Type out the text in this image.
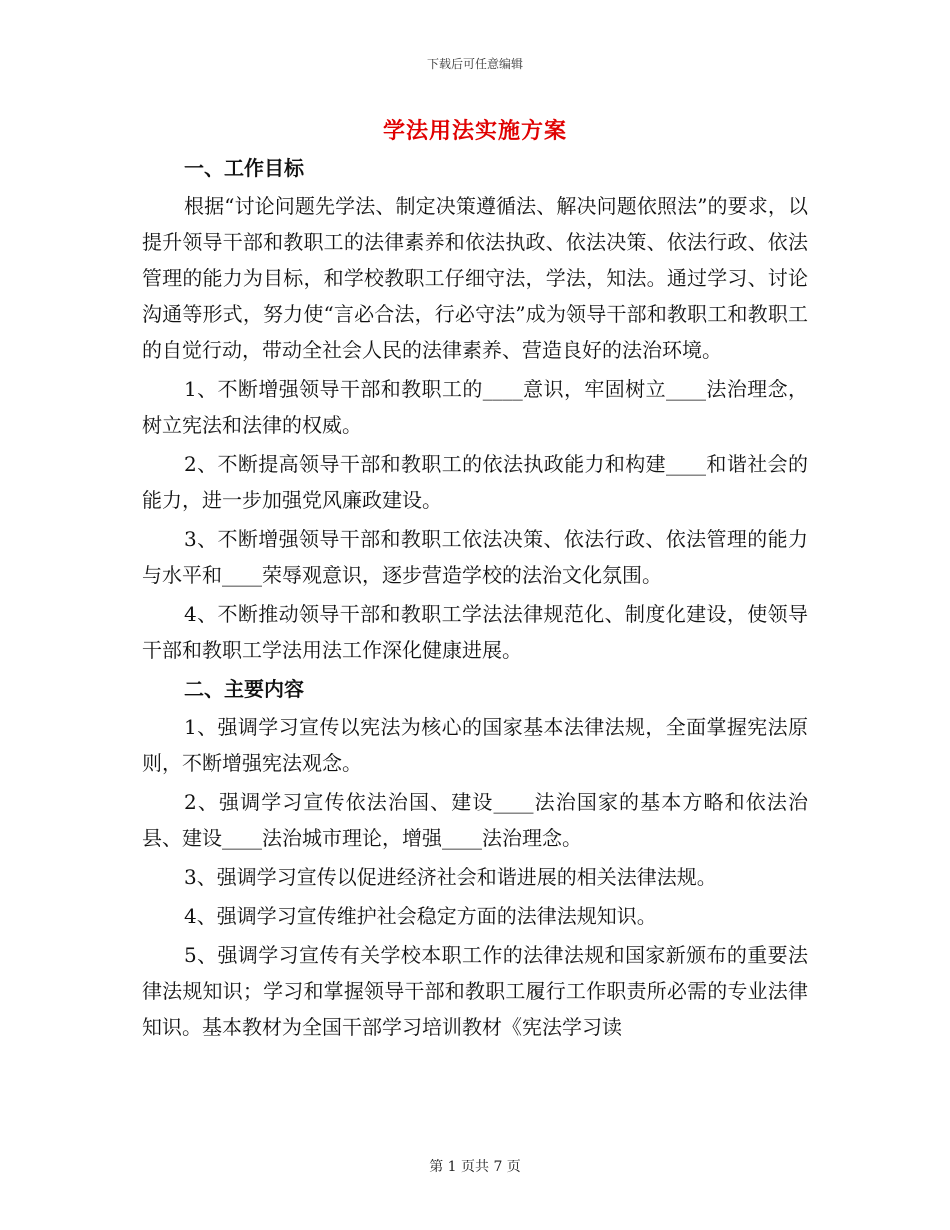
下载后可任意编辑
学法用法实施方案
一、工作目标

根据“讨论问题先学法、制定决策遵循法、解决问题依照法”的要求，以提升领导干部和教职工的法律素养和依法执政、依法决策、依法行政、依法管理的能力为目标，和学校教职工仔细守法，学法，知法。通过学习、讨论沟通等形式，努力使“言必合法，行必守法”成为领导干部和教职工和教职工的自觉行动，带动全社会人民的法律素养、营造良好的法治环境。

1、不断增强领导干部和教职工的____意识，牢固树立____法治理念，树立宪法和法律的权威。

2、不断提高领导干部和教职工的依法执政能力和构建____和谐社会的能力，进一步加强党风廉政建设。

3、不断增强领导干部和教职工依法决策、依法行政、依法管理的能力与水平和____荣辱观意识，逐步营造学校的法治文化氛围。

4、不断推动领导干部和教职工学法法律规范化、制度化建设，使领导干部和教职工学法用法工作深化健康进展。

二、主要内容

1、强调学习宣传以宪法为核心的国家基本法律法规，全面掌握宪法原则，不断增强宪法观念。

2、强调学习宣传依法治国、建设____法治国家的基本方略和依法治县、建设____法治城市理论，增强____法治理念。

3、强调学习宣传以促进经济社会和谐进展的相关法律法规。

4、强调学习宣传维护社会稳定方面的法律法规知识。

5、强调学习宣传有关学校本职工作的法律法规和国家新颁布的重要法律法规知识；学习和掌握领导干部和教职工履行工作职责所必需的专业法律知识。基本教材为全国干部学习培训教材《宪法学习读

第 1 页共 7 页
